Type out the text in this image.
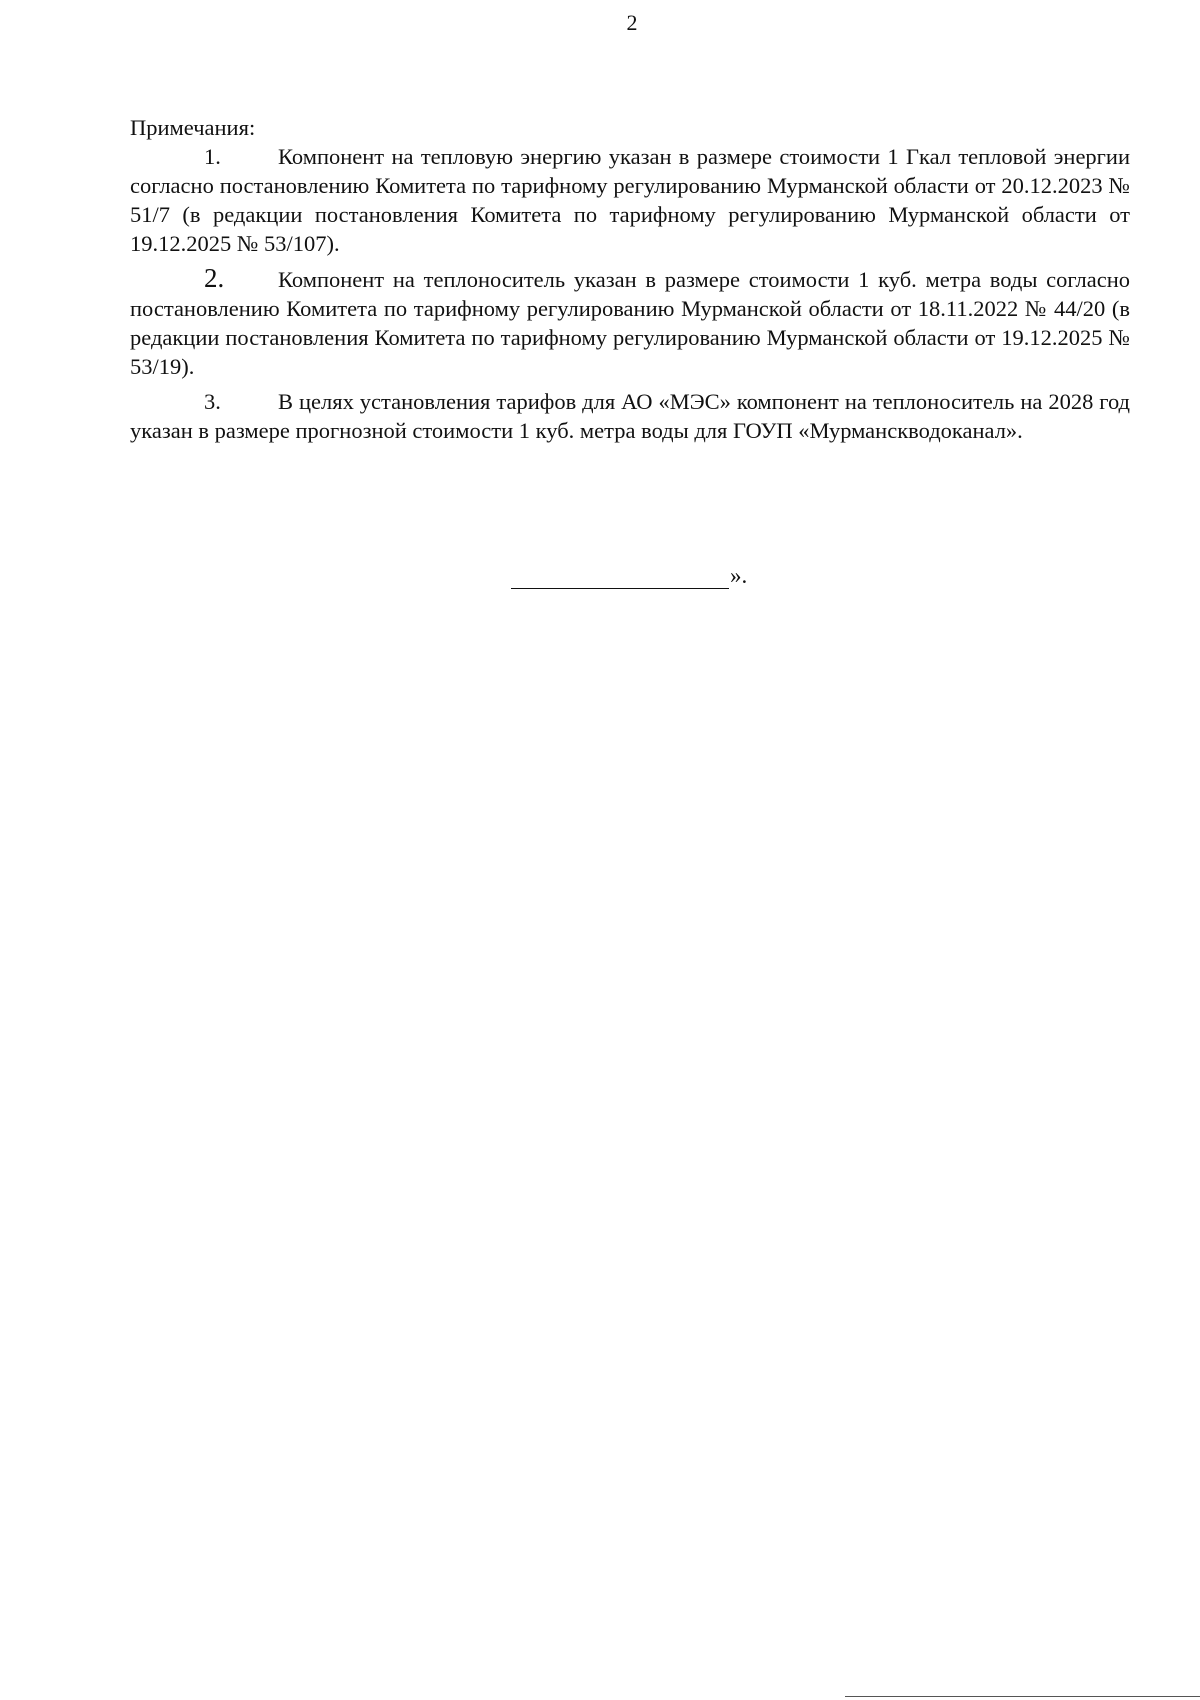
2

Примечания:

1.	Компонент на тепловую энергию указан в размере стоимости 1 Гкал тепловой энергии согласно постановлению Комитета по тарифному регулированию Мурманской области от 20.12.2023 № 51/7 (в редакции постановления Комитета по тарифному регулированию Мурманской области от 19.12.2025 № 53/107).

2. Компонент на теплоноситель указан в размере стоимости 1 куб. метра воды согласно постановлению Комитета по тарифному регулированию Мурманской области от 18.11.2022 № 44/20 (в редакции постановления Комитета по тарифному регулированию Мурманской области от 19.12.2025 № 53/19).

3.	В целях установления тарифов для АО «МЭС» компонент на теплоноситель на 2028 год указан в размере прогнозной стоимости 1 куб. метра воды для ГОУП «Мурманскводоканал».

».
